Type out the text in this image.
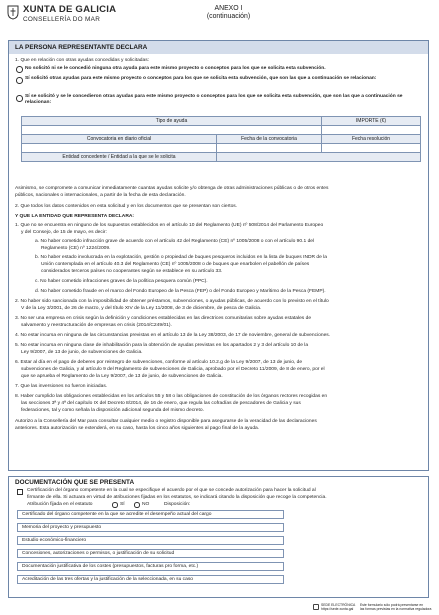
XUNTA DE GALICIA
CONSELLERÍA DO MAR
ANEXO I
(continuación)
LA PERSONA REPRESENTANTE DECLARA
1. Que en relación con otras ayudas concedidas y solicitadas:
No solicitó ni se le concedió ninguna otra ayuda para este mismo proyecto o conceptos para los que se solicita esta subvención.
Sí solicitó otras ayudas para este mismo proyecto o conceptos para los que se solicita esta subvención, que son las que a continuación se relacionan:
Sí se solicitó y se le concedieron otras ayudas para este mismo proyecto o conceptos para los que se solicita esta subvención, que son las que a continuación se relacionan:
Tipo de ayuda		IMPORTE (€)

Convocatoria en diario oficial	Fecha de la convocatoria	Fecha resolución

Entidad concedente / Entidad a la que se le solicita		
Asimismo, se compromete a comunicar inmediatamente cuantas ayudas solicite y/o obtenga de otras administraciones públicas o de otros entes
públicos, nacionales o internacionales, a partir de la fecha de esta declaración.
2. Que todos los datos contenidos en esta solicitud y en los documentos que se presentan son ciertos.
Y QUE LA ENTIDAD QUE REPRESENTA DECLARA:
1. Que no se encuentra en ninguno de los supuestos establecidos en el artículo 10 del Reglamento (UE) nº 508/2014 del Parlamento Europeo
y del Consejo, de 15 de mayo, es decir:
a. No haber cometido infracción grave de acuerdo con el artículo 42 del Reglamento (CE) nº 1005/2008 o con el artículo 90.1 del
Reglamento (CE) nº 1224/2009.
b. No haber estado involucrada en la explotación, gestión o propiedad de buques pesqueros incluidos en la lista de buques INDR de la
Unión contemplada en el artículo 40.3 del Reglamento (CE) nº 1005/2008 o de buques que enarbolen el pabellón de países
considerados terceros países no cooperantes según se establece en su artículo 33.
c. No haber cometido infracciones graves de la política pesquera común (PPC).
d. No haber cometido fraude en el marco del Fondo Europeo de la Pesca (FEP) o del Fondo Europeo y Marítimo de la Pesca (FEMP).
2. No haber sido sancionada con la imposibilidad de obtener préstamos, subvenciones, o ayudas públicas, de acuerdo con lo previsto en el título
V de la Ley 3/2001, de 26 de marzo, y del título XIV de la Ley 11/2008, de 3 de diciembre, de pesca de Galicia.
3. No ser una empresa en crisis según la definición y condiciones establecidas en las directrices comunitarias sobre ayudas estatales de
salvamento y reestructuración de empresas en crisis (2014/C249/01).
4. No estar incursa en ninguna de las circunstancias previstas en el artículo 13 de la Ley 38/2003, de 17 de noviembre, general de subvenciones.
5. No estar incursa en ninguna clase de inhabilitación para la obtención de ayudas previstas en los apartados 2 y 3 del artículo 10 de la
Ley 9/2007, de 13 de junio, de subvenciones de Galicia.
6. Estar al día en el pago de deberes por reintegro de subvenciones, conforme al artículo 10.2.g de la Ley 9/2007, de 13 de junio, de
subvenciones de Galicia, y al artículo 9 del Reglamento de subvenciones de Galicia, aprobado por el Decreto 11/2009, de 8 de enero, por el
que se aprueba el Reglamento de la Ley 9/2007, de 13 de junio, de subvenciones de Galicia.
7. Que las inversiones no fueron iniciadas.
8. Haber cumplido las obligaciones establecidas en los artículos 55 y 58 o las obligaciones de constitución de los órganos rectores recogidas en
las secciones 3ª y 4ª del capítulo IX del Decreto 8/2014, de 16 de enero, que regula las cofradías de pescadores de Galicia y sus
federaciones, tal y como señala la disposición adicional segunda del mismo decreto.
Autorizo a la Consellería del Mar para consultar cualquier medio o registro disponible para asegurarse de la veracidad de las declaraciones
anteriores. Esta autorización se extenderá, en su caso, hasta los cinco años siguientes al pago final de la ayuda.
DOCUMENTACIÓN QUE SE PRESENTA
Certificación del órgano competente en la cual se especifique el acuerdo por el que se concede autorización para hacer la solicitud al
firmante de ella. Si actuara en virtud de atribuciones fijadas en los estatutos, se indicará citando la disposición que recoge la competencia.
Atribución fijada en el estatuto	SÍ	NO	Disposición:
Certificado del órgano competente en la que se acredite el desempeño actual del cargo
Memoria del proyecto y presupuesto
Estudio económico-financiero
Concesiones, autorizaciones o permisos, o justificación de su solicitud
Documentación justificativa de los costes (presupuestos, facturas pro forma, etc.)
Acreditación de las tres ofertas y la justificación de la seleccionada, en su caso
SEDE ELECTRÓNICA
https://sede.xunta.gal
Este formulario sólo podrá presentarse en
las formas previstas en la normativa reguladora
